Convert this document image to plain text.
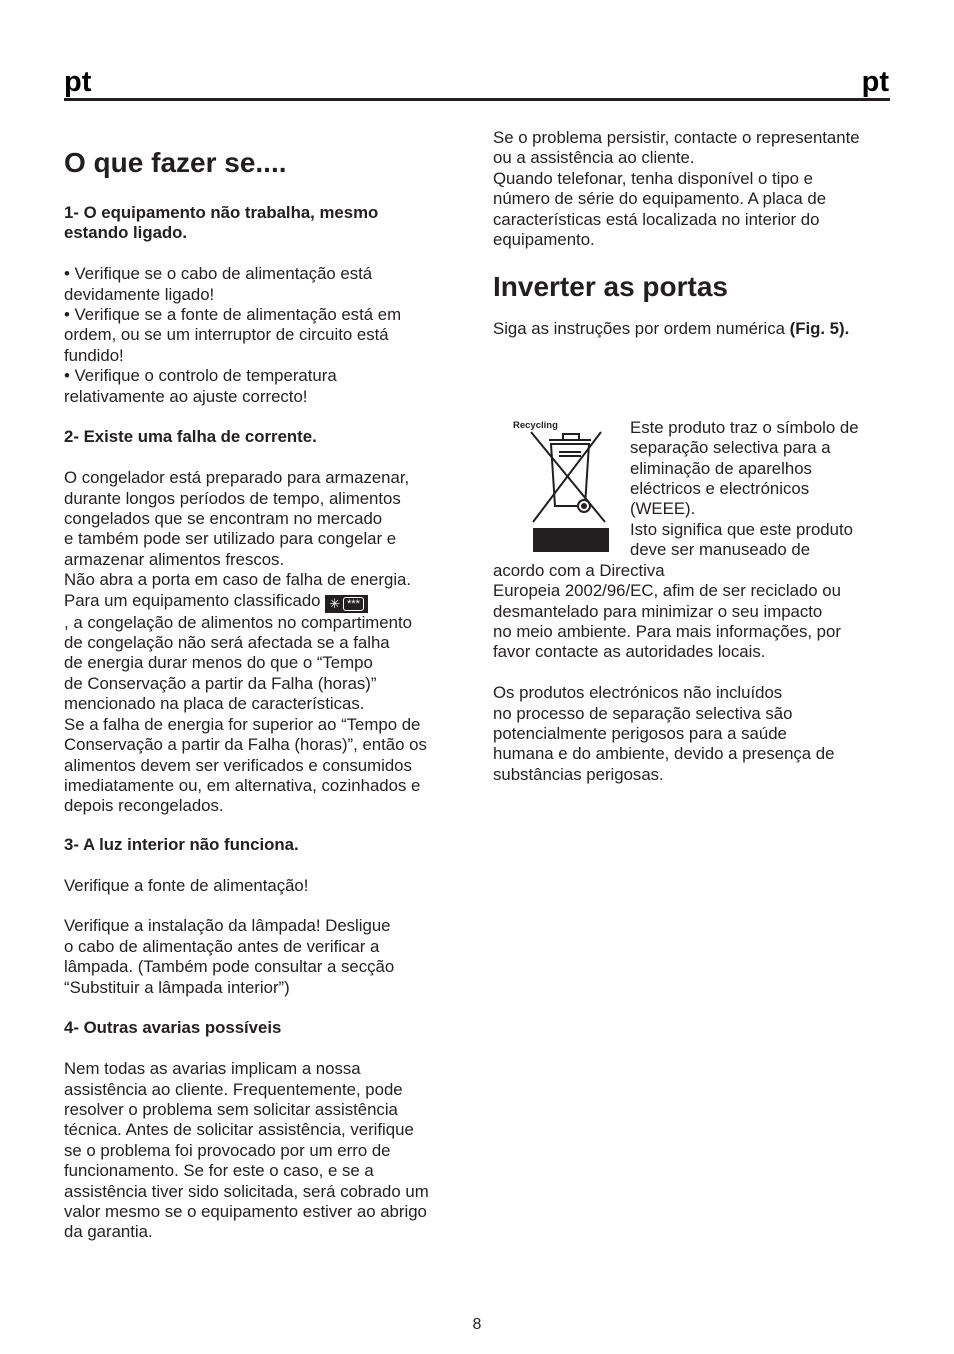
pt	pt
O que fazer se....

1- O equipamento não trabalha, mesmo

estando ligado.

• Verifique se o cabo de alimentação está

devidamente ligado!

• Verifique se a fonte de alimentação está em

ordem, ou se um interruptor de circuito está

fundido!

• Verifique o controlo de temperatura

relativamente ao ajuste correcto!

2- Existe uma falha de corrente.

O congelador está preparado para armazenar,

durante longos períodos de tempo, alimentos

congelados que se encontram no mercado

e também pode ser utilizado para congelar e

armazenar alimentos frescos.

Não abra a porta em caso de falha de energia.

Para um equipamento classificado ✳ ***

, a congelação de alimentos no compartimento

de congelação não será afectada se a falha

de energia durar menos do que o “Tempo

de Conservação a partir da Falha (horas)”

mencionado na placa de características.

Se a falha de energia for superior ao “Tempo de

Conservação a partir da Falha (horas)”, então os

alimentos devem ser verificados e consumidos

imediatamente ou, em alternativa, cozinhados e

depois recongelados.

3- A luz interior não funciona.

Verifique a fonte de alimentação!

Verifique a instalação da lâmpada! Desligue

o cabo de alimentação antes de verificar a

lâmpada. (Também pode consultar a secção

“Substituir a lâmpada interior”)

4- Outras avarias possíveis

Nem todas as avarias implicam a nossa

assistência ao cliente. Frequentemente, pode

resolver o problema sem solicitar assistência

técnica. Antes de solicitar assistência, verifique

se o problema foi provocado por um erro de

funcionamento. Se for este o caso, e se a

assistência tiver sido solicitada, será cobrado um

valor mesmo se o equipamento estiver ao abrigo

da garantia.

Se o problema persistir, contacte o representante

ou a assistência ao cliente.

Quando telefonar, tenha disponível o tipo e

número de série do equipamento. A placa de

características está localizada no interior do

equipamento.

Inverter as portas

Siga as instruções por ordem numérica (Fig. 5).

Recycling	Este produto traz o símbolo de

separação selectiva para a

eliminação de aparelhos

eléctricos e electrónicos

(WEEE).

Isto significa que este produto

deve ser manuseado de

acordo com a Directiva

Europeia 2002/96/EC, afim de ser reciclado ou

desmantelado para minimizar o seu impacto

no meio ambiente. Para mais informações, por

favor contacte as autoridades locais.

Os produtos electrónicos não incluídos

no processo de separação selectiva são

potencialmente perigosos para a saúde

humana e do ambiente, devido a presença de

substâncias perigosas.

8
